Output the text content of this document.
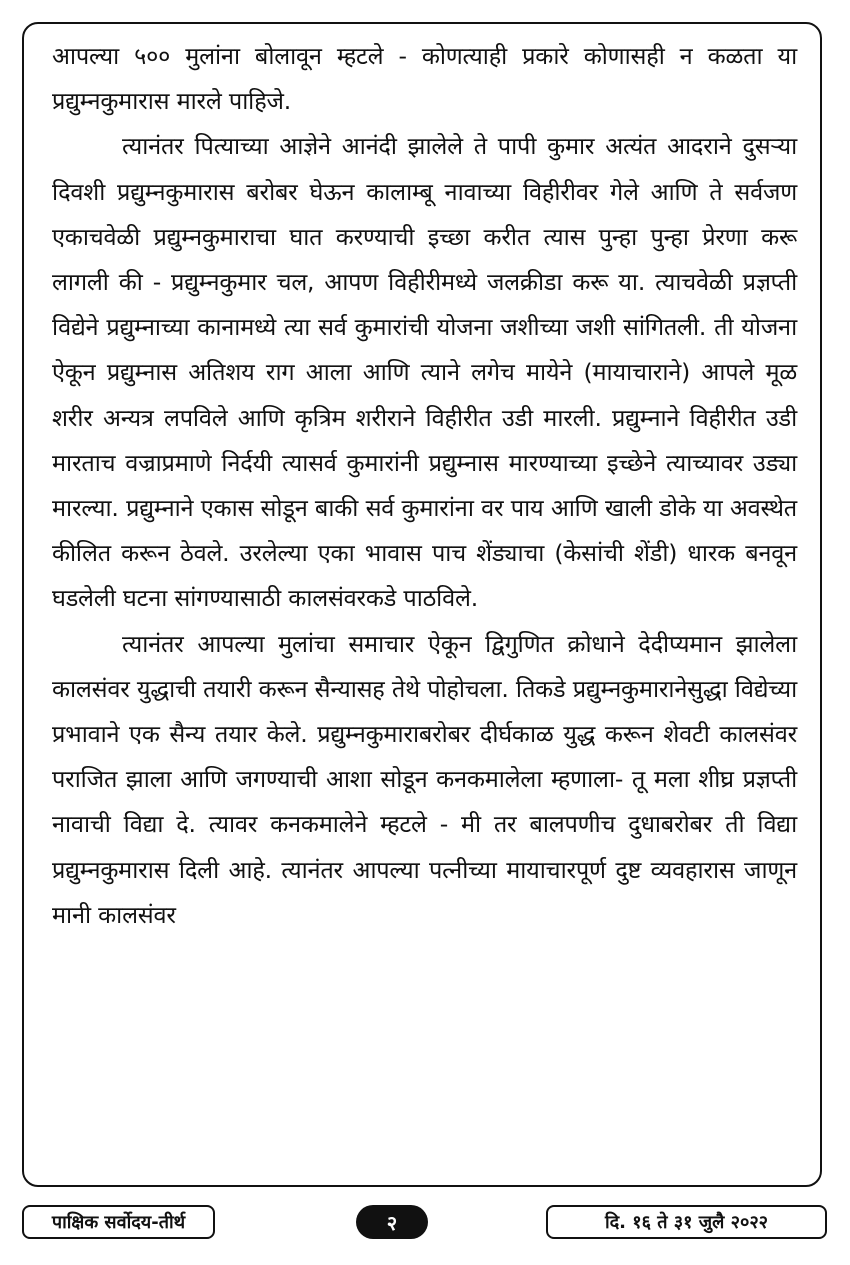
आपल्या ५०० मुलांना बोलावून म्हटले - कोणत्याही प्रकारे कोणासही न कळता या प्रद्युम्नकुमारास मारले पाहिजे.

त्यानंतर पित्याच्या आज्ञेने आनंदी झालेले ते पापी कुमार अत्यंत आदराने दुसऱ्या दिवशी प्रद्युम्नकुमारास बरोबर घेऊन कालाम्बू नावाच्या विहीरीवर गेले आणि ते सर्वजण एकाचवेळी प्रद्युम्नकुमाराचा घात करण्याची इच्छा करीत त्यास पुन्हा पुन्हा प्रेरणा करू लागली की - प्रद्युम्नकुमार चल, आपण विहीरीमध्ये जलक्रीडा करू या. त्याचवेळी प्रज्ञप्ती विद्येने प्रद्युम्नाच्या कानामध्ये त्या सर्व कुमारांची योजना जशीच्या जशी सांगितली. ती योजना ऐकून प्रद्युम्नास अतिशय राग आला आणि त्याने लगेच मायेने (मायाचाराने) आपले मूळ शरीर अन्यत्र लपविले आणि कृत्रिम शरीराने विहीरीत उडी मारली. प्रद्युम्नाने विहीरीत उडी मारताच वज्राप्रमाणे निर्दयी त्यासर्व कुमारांनी प्रद्युम्नास मारण्याच्या इच्छेने त्याच्यावर उड्या मारल्या. प्रद्युम्नाने एकास सोडून बाकी सर्व कुमारांना वर पाय आणि खाली डोके या अवस्थेत कीलित करून ठेवले. उरलेल्या एका भावास पाच शेंड्याचा (केसांची शेंडी) धारक बनवून घडलेली घटना सांगण्यासाठी कालसंवरकडे पाठविले.

त्यानंतर आपल्या मुलांचा समाचार ऐकून द्विगुणित क्रोधाने देदीप्यमान झालेला कालसंवर युद्धाची तयारी करून सैन्यासह तेथे पोहोचला. तिकडे प्रद्युम्नकुमारानेसुद्धा विद्येच्या प्रभावाने एक सैन्य तयार केले. प्रद्युम्नकुमाराबरोबर दीर्घकाळ युद्ध करून शेवटी कालसंवर पराजित झाला आणि जगण्याची आशा सोडून कनकमालेला म्हणाला- तू मला शीघ्र प्रज्ञप्ती नावाची विद्या दे. त्यावर कनकमालेने म्हटले - मी तर बालपणीच दुधाबरोबर ती विद्या प्रद्युम्नकुमारास दिली आहे. त्यानंतर आपल्या पत्नीच्या मायाचारपूर्ण दुष्ट व्यवहारास जाणून मानी कालसंवर

पाक्षिक सर्वोदय-तीर्थ	२	दि. १६ ते ३१ जुलै २०२२
